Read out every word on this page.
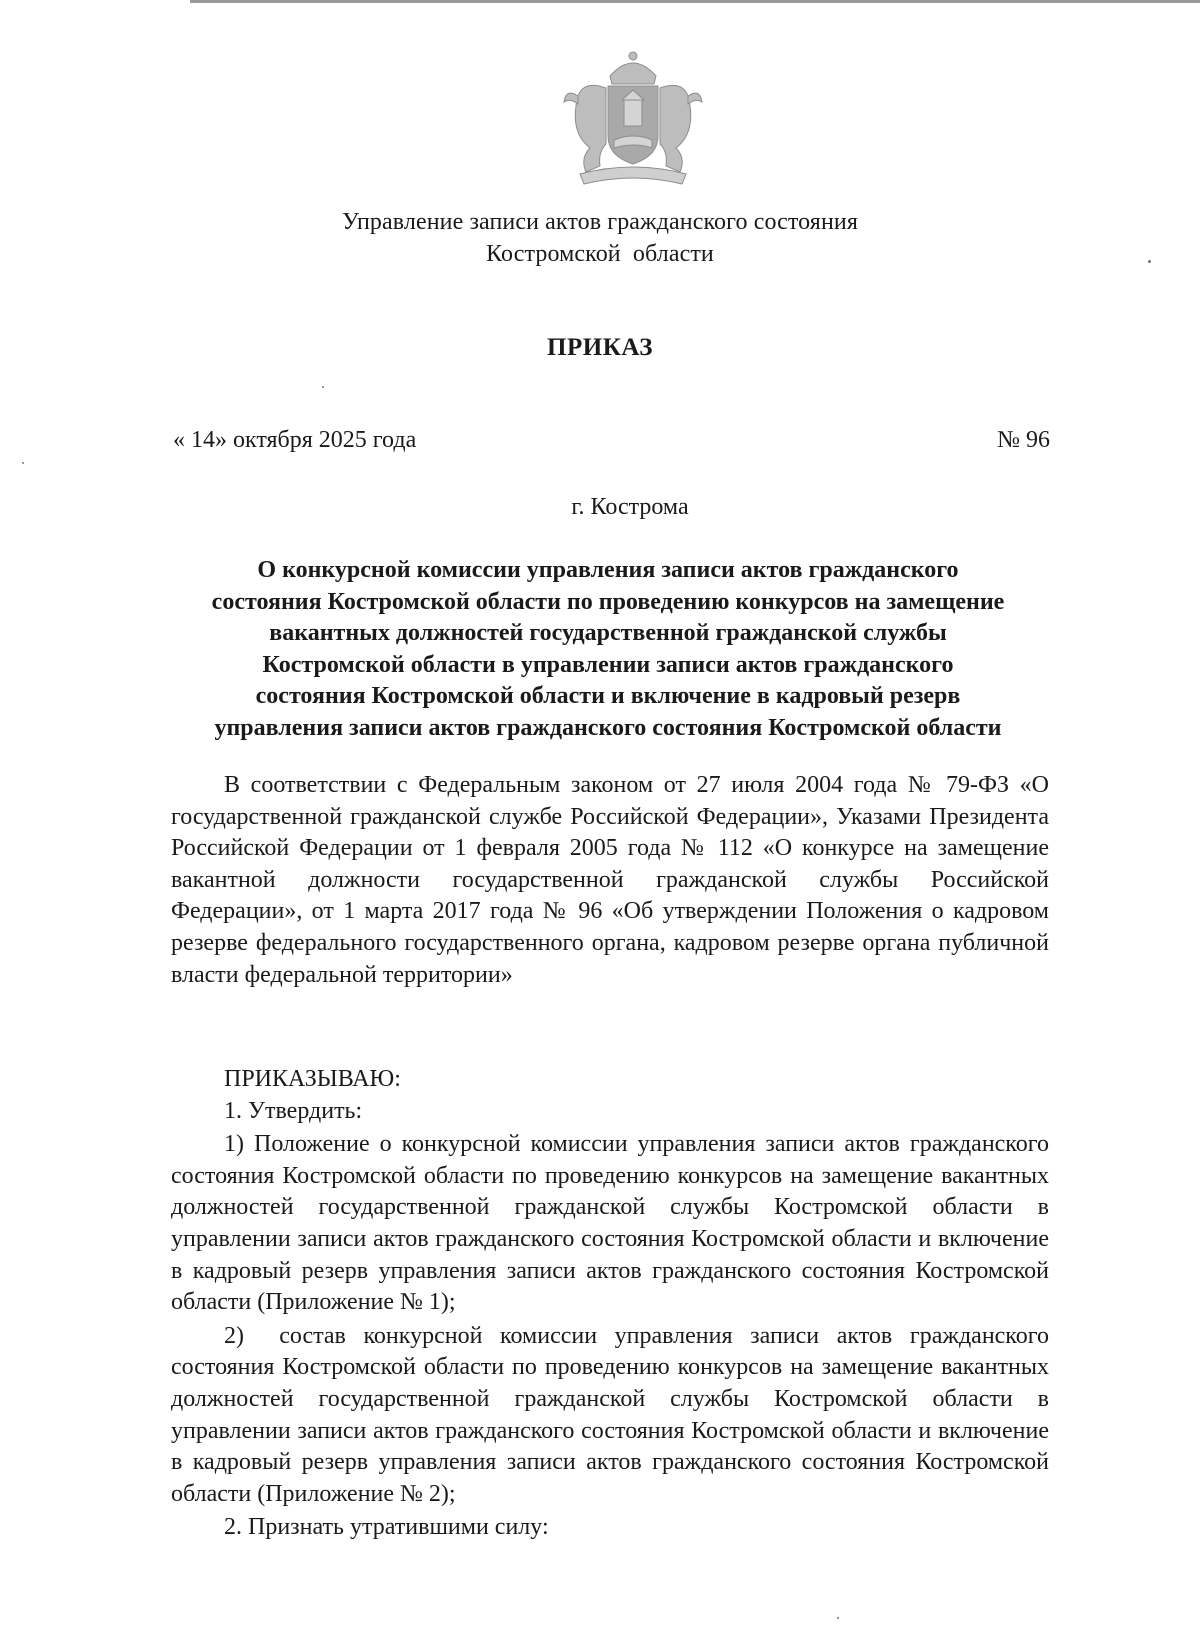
Управление записи актов гражданского состояния
Костромской  области
ПРИКАЗ
« 14» октября 2025 года	№ 96
г. Кострома
О конкурсной комиссии управления записи актов гражданского
состояния Костромской области по проведению конкурсов на замещение
вакантных должностей государственной гражданской службы
Костромской области в управлении записи актов гражданского
состояния Костромской области и включение в кадровый резерв
управления записи актов гражданского состояния Костромской области

В соответствии с Федеральным законом от 27 июля 2004 года № 79-ФЗ «О государственной гражданской службе Российской Федерации», Указами Президента Российской Федерации от 1 февраля 2005 года № 112 «О конкурсе на замещение вакантной должности государственной гражданской службы Российской Федерации», от 1 марта 2017 года № 96 «Об утверждении Положения о кадровом резерве федерального государственного органа, кадровом резерве органа публичной власти федеральной территории»

ПРИКАЗЫВАЮ:

1. Утвердить:

1) Положение о конкурсной комиссии управления записи актов гражданского состояния Костромской области по проведению конкурсов на замещение вакантных должностей государственной гражданской службы Костромской области в управлении записи актов гражданского состояния Костромской области и включение в кадровый резерв управления записи актов гражданского состояния Костромской области (Приложение № 1);

2)  состав конкурсной комиссии управления записи актов гражданского состояния Костромской области по проведению конкурсов на замещение вакантных должностей государственной гражданской службы Костромской области в управлении записи актов гражданского состояния Костромской области и включение в кадровый резерв управления записи актов гражданского состояния Костромской области (Приложение № 2);

2. Признать утратившими силу:
